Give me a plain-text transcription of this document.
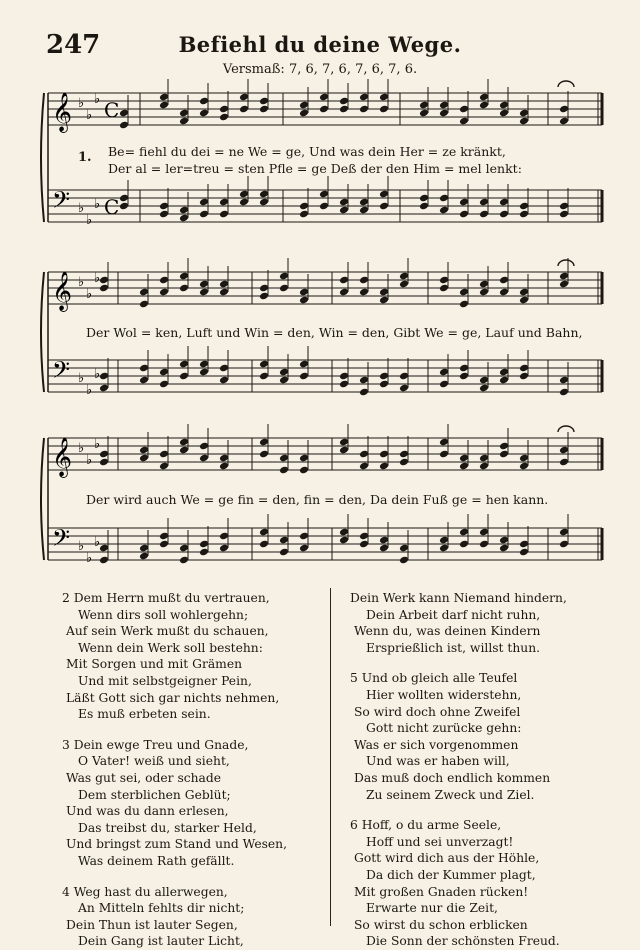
247	Befiehl du deine Wege.
Versmaß: 7, 6, 7, 6, 7, 6, 7, 6.
𝄞
𝄢
♭
♭
♭
♭
♭
♭
C
C
𝄞
𝄢
♭
♭
♭
♭
♭
♭
𝄞
𝄢
♭
♭
♭
♭
♭
♭
1. Be= fiehl du dei = ne We = ge, Und was dein Her = ze kränkt,
Der al = ler=treu = sten Pfle = ge Deß der den Him = mel lenkt:
Der Wol = ken, Luft und Win = den, Win = den, Gibt We = ge, Lauf und Bahn,
Der wird auch We = ge fin = den, fin = den, Da dein Fuß ge = hen kann.
2 Dem Herrn mußt du vertrauen,
Wenn dirs soll wohlergehn;
Auf sein Werk mußt du schauen,
Wenn dein Werk soll bestehn:
Mit Sorgen und mit Grämen
Und mit selbstgeigner Pein,
Läßt Gott sich gar nichts nehmen,
Es muß erbeten sein.
3 Dein ewge Treu und Gnade,
O Vater! weiß und sieht,
Was gut sei, oder schade
Dem sterblichen Geblüt;
Und was du dann erlesen,
Das treibst du, starker Held,
Und bringst zum Stand und Wesen,
Was deinem Rath gefällt.
4 Weg hast du allerwegen,
An Mitteln fehlts dir nicht;
Dein Thun ist lauter Segen,
Dein Gang ist lauter Licht,
Dein Werk kann Niemand hindern,
Dein Arbeit darf nicht ruhn,
Wenn du, was deinen Kindern
Ersprießlich ist, willst thun.
5 Und ob gleich alle Teufel
Hier wollten widerstehn,
So wird doch ohne Zweifel
Gott nicht zurücke gehn:
Was er sich vorgenommen
Und was er haben will,
Das muß doch endlich kommen
Zu seinem Zweck und Ziel.
6 Hoff, o du arme Seele,
Hoff und sei unverzagt!
Gott wird dich aus der Höhle,
Da dich der Kummer plagt,
Mit großen Gnaden rücken!
Erwarte nur die Zeit,
So wirst du schon erblicken
Die Sonn der schönsten Freud.
